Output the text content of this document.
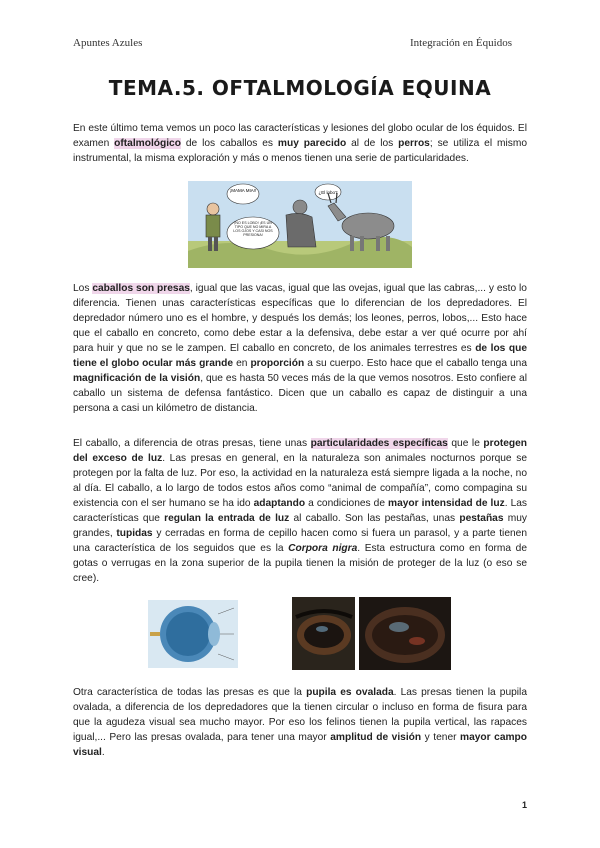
Apuntes Azules	Integración en Équidos
TEMA.5. OFTALMOLOGÍA EQUINA

En este último tema vemos un poco las características y lesiones del globo ocular de los équidos. El examen oftalmológico de los caballos es muy parecido al de los perros; se utiliza el mismo instrumental, la misma exploración y más o menos tienen una serie de particularidades.

¡MAMA MIA!!	¿El lobo?
¡NO ES LOBO! ¡ES UN TIPO QUE NO MIRA A LOS OJOS Y CASI NOS PRESIONA!

Los caballos son presas, igual que las vacas, igual que las ovejas, igual que las cabras,... y esto lo diferencia. Tienen unas características específicas que lo diferencian de los depredadores. El depredador número uno es el hombre, y después los demás; los leones, perros, lobos,... Esto hace que el caballo en concreto, como debe estar a la defensiva, debe estar a ver qué ocurre por ahí para huir y que no se le zampen. El caballo en concreto, de los animales terrestres es de los que tiene el globo ocular más grande en proporción a su cuerpo. Esto hace que el caballo tenga una magnificación de la visión, que es hasta 50 veces más de la que vemos nosotros. Esto confiere al caballo un sistema de defensa fantástico. Dicen que un caballo es capaz de distinguir a una persona a casi un kilómetro de distancia.

El caballo, a diferencia de otras presas, tiene unas particularidades específicas que le protegen del exceso de luz. Las presas en general, en la naturaleza son animales nocturnos porque se protegen por la falta de luz. Por eso, la actividad en la naturaleza está siempre ligada a la noche, no al día. El caballo, a lo largo de todos estos años como “animal de compañía”, como compagina su existencia con el ser humano se ha ido adaptando a condiciones de mayor intensidad de luz. Las características que regulan la entrada de luz al caballo. Son las pestañas, unas pestañas muy grandes, tupidas y cerradas en forma de cepillo hacen como si fuera un parasol, y a parte tienen una característica de los seguidos que es la Corpora nigra. Esta estructura como en forma de gotas o verrugas en la zona superior de la pupila tienen la misión de proteger de la luz (o eso se cree).

Otra característica de todas las presas es que la pupila es ovalada. Las presas tienen la pupila ovalada, a diferencia de los depredadores que la tienen circular o incluso en forma de fisura para que la agudeza visual sea mucho mayor. Por eso los felinos tienen la pupila vertical, las rapaces igual,... Pero las presas ovalada, para tener una mayor amplitud de visión y tener mayor campo visual.

1
